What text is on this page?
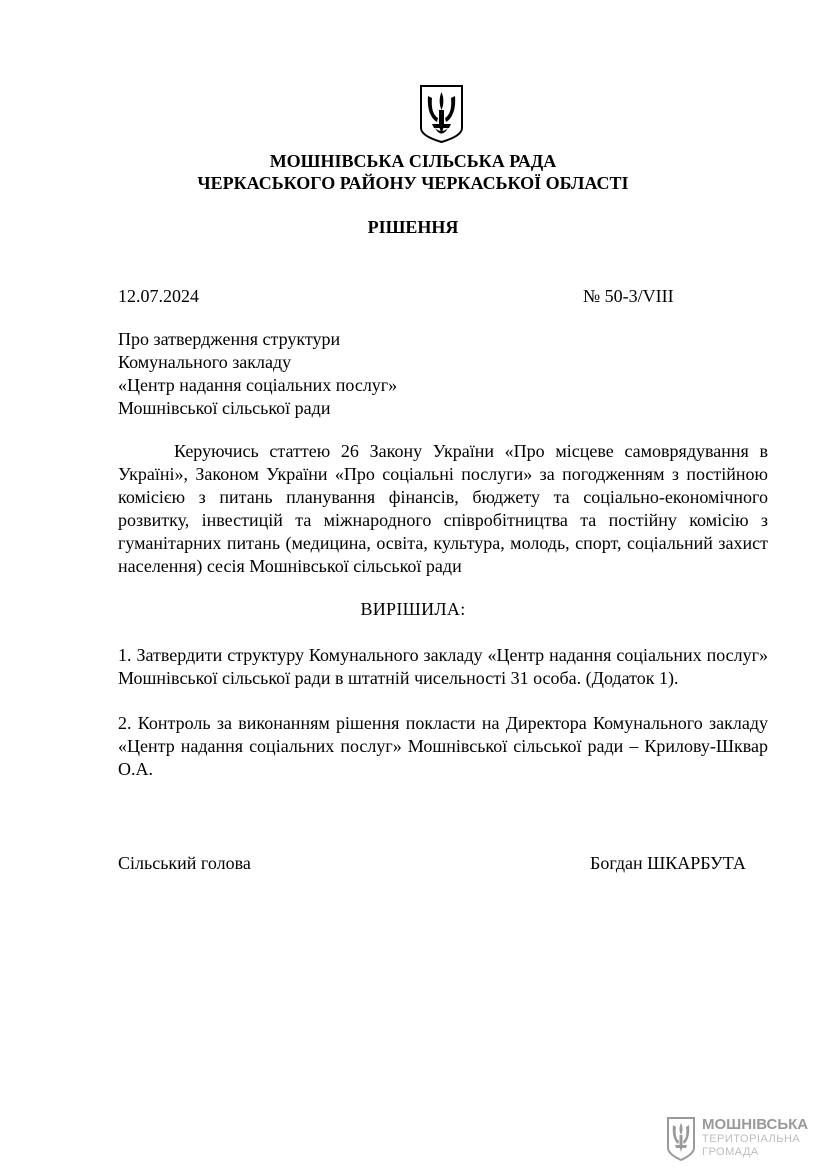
МОШНІВСЬКА СІЛЬСЬКА РАДА
ЧЕРКАСЬКОГО РАЙОНУ ЧЕРКАСЬКОЇ ОБЛАСТІ
РІШЕННЯ
12.07.2024	№ 50-3/VIII
Про затвердження структури
Комунального закладу
«Центр надання соціальних послуг»
Мошнівської сільської ради
Керуючись статтею 26 Закону України «Про місцеве самоврядування в Україні», Законом України «Про соціальні послуги» за погодженням з постійною комісією з питань планування фінансів, бюджету та соціально-економічного розвитку, інвестицій та міжнародного співробітництва та постійну комісію з гуманітарних питань (медицина, освіта, культура, молодь, спорт, соціальний захист населення) сесія Мошнівської сільської ради
ВИРІШИЛА:
1. Затвердити структуру Комунального закладу «Центр надання соціальних послуг» Мошнівської сільської ради в штатній чисельності 31 особа. (Додаток 1).
2. Контроль за виконанням рішення покласти на Директора Комунального закладу «Центр надання соціальних послуг» Мошнівської сільської ради – Крилову-Шквар О.А.
Сільський голова	Богдан ШКАРБУТА
МОШНІВСЬКА
ТЕРИТОРІАЛЬНА
ГРОМАДА
